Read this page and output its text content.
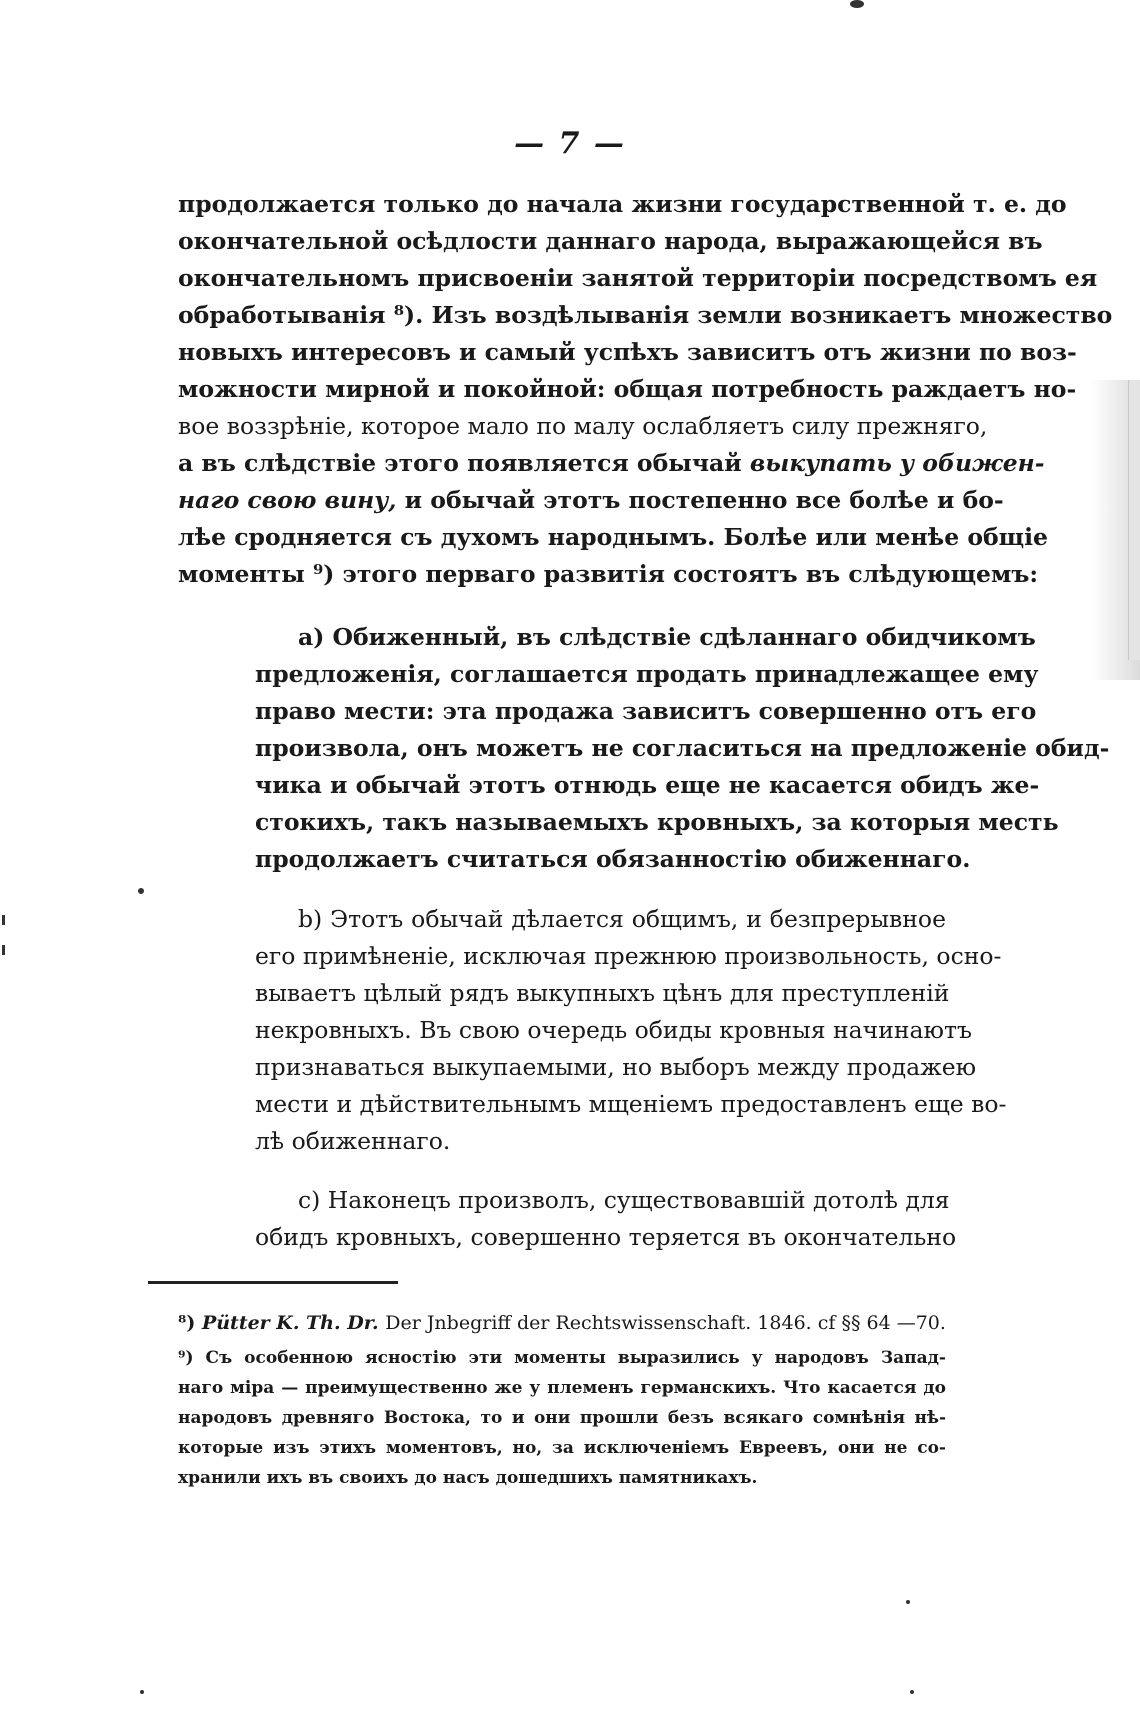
— 7 —
продолжается только до начала жизни государственной т. е. до
окончательной осѣдлости даннаго народа, выражающейся въ
окончательномъ присвоеніи занятой территоріи посредствомъ ея
обработыванія ⁸). Изъ воздѣлыванія земли возникаетъ множество
новыхъ интересовъ и самый успѣхъ зависитъ отъ жизни по воз-
можности мирной и покойной: общая потребность раждаетъ но-
вое воззрѣніе, которое мало по малу ослабляетъ силу прежняго,
а въ слѣдствіе этого появляется обычай выкупать у обижен-
наго свою вину, и обычай этотъ постепенно все болѣе и бо-
лѣе сродняется съ духомъ народнымъ. Болѣе или менѣе общіе
моменты ⁹) этого перваго развитія состоятъ въ слѣдующемъ:
a) Обиженный, въ слѣдствіе сдѣланнаго обидчикомъ
предложенія, соглашается продать принадлежащее ему
право мести: эта продажа зависитъ совершенно отъ его
произвола, онъ можетъ не согласиться на предложеніе обид-
чика и обычай этотъ отнюдь еще не касается обидъ же-
стокихъ, такъ называемыхъ кровныхъ, за которыя месть
продолжаетъ считаться обязанностію обиженнаго.
b) Этотъ обычай дѣлается общимъ, и безпрерывное
его примѣненіе, исключая прежнюю произвольность, осно-
вываетъ цѣлый рядъ выкупныхъ цѣнъ для преступленій
некровныхъ. Въ свою очередь обиды кровныя начинаютъ
признаваться выкупаемыми, но выборъ между продажею
мести и дѣйствительнымъ мщеніемъ предоставленъ еще во-
лѣ обиженнаго.
c) Наконецъ произволъ, существовавшій дотолѣ для
обидъ кровныхъ, совершенно теряется въ окончательно
⁸) Pütter K. Th. Dr. Der Jnbegriff der Rechtswissenschaft. 1846. cf §§ 64 —70.
⁹) Съ особенною ясностію эти моменты выразились у народовъ Запад-
наго міра — преимущественно же у племенъ германскихъ. Что касается до
народовъ древняго Востока, то и они прошли безъ всякаго сомнѣнія нѣ-
которые изъ этихъ моментовъ, но, за исключеніемъ Евреевъ, они не со-
хранили ихъ въ своихъ до насъ дошедшихъ памятникахъ.
